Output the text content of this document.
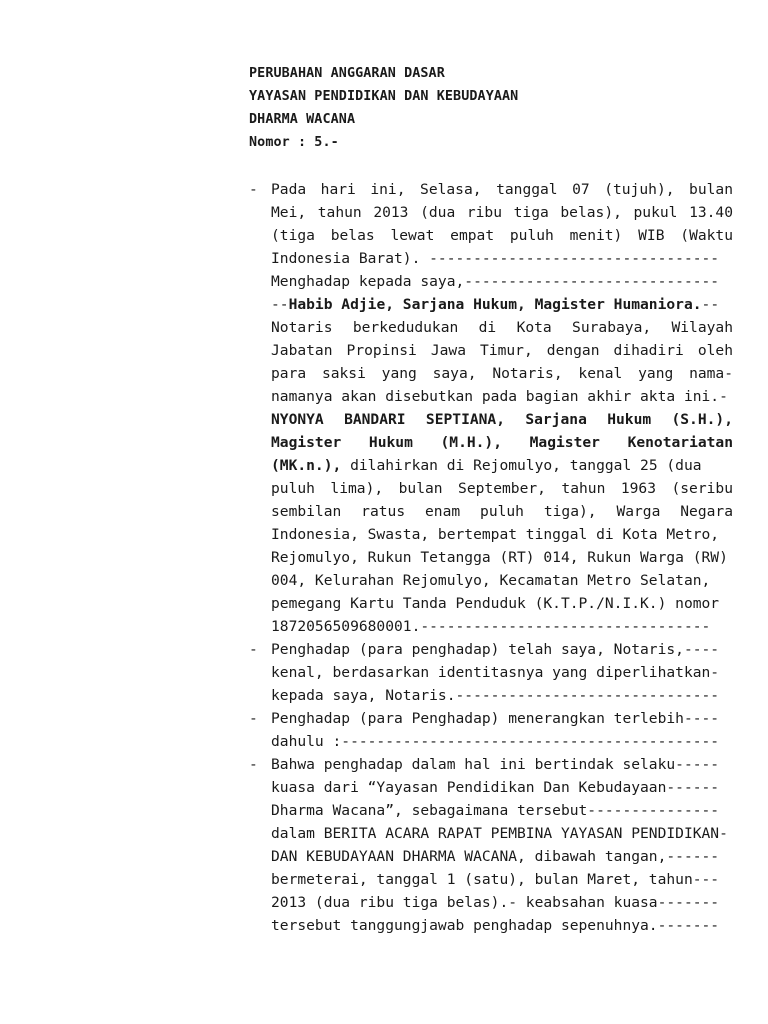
PERUBAHAN ANGGARAN DASAR
YAYASAN PENDIDIKAN DAN KEBUDAYAAN
DHARMA WACANA
Nomor : 5.-
- Pada hari ini, Selasa, tanggal 07 (tujuh), bulan
Mei, tahun 2013 (dua ribu tiga belas), pukul 13.40
(tiga belas lewat empat puluh menit) WIB (Waktu
Indonesia Barat). ---------------------------------
Menghadap kepada saya,-----------------------------
--Habib Adjie, Sarjana Hukum, Magister Humaniora.--
Notaris berkedudukan di Kota Surabaya, Wilayah
Jabatan Propinsi Jawa Timur, dengan dihadiri oleh
para saksi yang saya, Notaris, kenal yang nama-
namanya akan disebutkan pada bagian akhir akta ini.-
NYONYA BANDARI SEPTIANA, Sarjana Hukum (S.H.),
Magister Hukum (M.H.), Magister Kenotariatan
(MK.n.), dilahirkan di Rejomulyo, tanggal 25 (dua
puluh lima), bulan September, tahun 1963 (seribu
sembilan ratus enam puluh tiga), Warga Negara
Indonesia, Swasta, bertempat tinggal di Kota Metro,
Rejomulyo, Rukun Tetangga (RT) 014, Rukun Warga (RW)
004, Kelurahan Rejomulyo, Kecamatan Metro Selatan,
pemegang Kartu Tanda Penduduk (K.T.P./N.I.K.) nomor
1872056509680001.---------------------------------
- Penghadap (para penghadap) telah saya, Notaris,----
kenal, berdasarkan identitasnya yang diperlihatkan-
kepada saya, Notaris.------------------------------
- Penghadap (para Penghadap) menerangkan terlebih----
dahulu :-------------------------------------------
- Bahwa penghadap dalam hal ini bertindak selaku-----
kuasa dari “Yayasan Pendidikan Dan Kebudayaan------
Dharma Wacana”, sebagaimana tersebut---------------
dalam BERITA ACARA RAPAT PEMBINA YAYASAN PENDIDIKAN-
DAN KEBUDAYAAN DHARMA WACANA, dibawah tangan,------
bermeterai, tanggal 1 (satu), bulan Maret, tahun---
2013 (dua ribu tiga belas).- keabsahan kuasa-------
tersebut tanggungjawab penghadap sepenuhnya.-------
